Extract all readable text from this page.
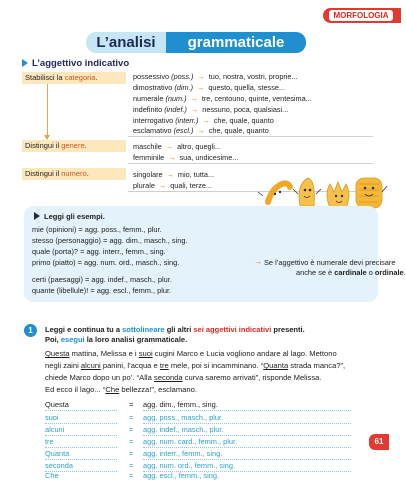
MORFOLOGIA
L’analisi	grammaticale
L’aggettivo indicativo
Stabilisci la categoria.
Distingui il genere.
Distingui il numero.
possessivo (poss.) → tuo, nostra, vostri, proprie...
dimostrativo (dim.) → questo, quella, stesse...
numerale (num.) → tre, centouno, quinte, ventesima...
indefinito (indef.) → nessuno, poca, qualsiasi...
interrogativo (interr.) → che, quale, quanto
esclamativo (escl.) → che, quale, quanto
maschile → altro, quegli...
femminile → sua, undicesime...
singolare → mio, tutta...
plurale → quali, terze...
Leggi gli esempi.
mie (opinioni) = agg. poss., femm., plur.
stesso (personaggio) = agg. dim., masch., sing.
quale (porta)? = agg. interr., femm., sing.
primo (piatto) = agg. num. ord., masch., sing.
certi (paesaggi) = agg. indef., masch., plur.
quante (libellule)! = agg. escl., femm., plur.
→ Se l’aggettivo è numerale devi precisare
anche se è cardinale o ordinale.
1	Leggi e continua tu a sottolineare gli altri sei aggettivi indicativi presenti.
Poi, esegui la loro analisi grammaticale.
Questa mattina, Melissa e i suoi cugini Marco e Lucia vogliono andare al lago. Mettono
negli zaini alcuni panini, l’acqua e tre mele, poi si incamminano. “Quanta strada manca?”,
chiede Marco dopo un po’. “Alla seconda curva saremo arrivati”, risponde Melissa.
Ed ecco il lago... “Che bellezza!”, esclamano.
Questa	= agg. dim., femm., sing.
suoi	= agg. poss., masch., plur.
alcuni	= agg. indef., masch., plur.
tre	= agg. num. card., femm., plur.
Quanta	= agg. interr., femm., sing.
seconda	= agg. num. ord., femm., sing.
Che	= agg. escl., femm., sing.
61
